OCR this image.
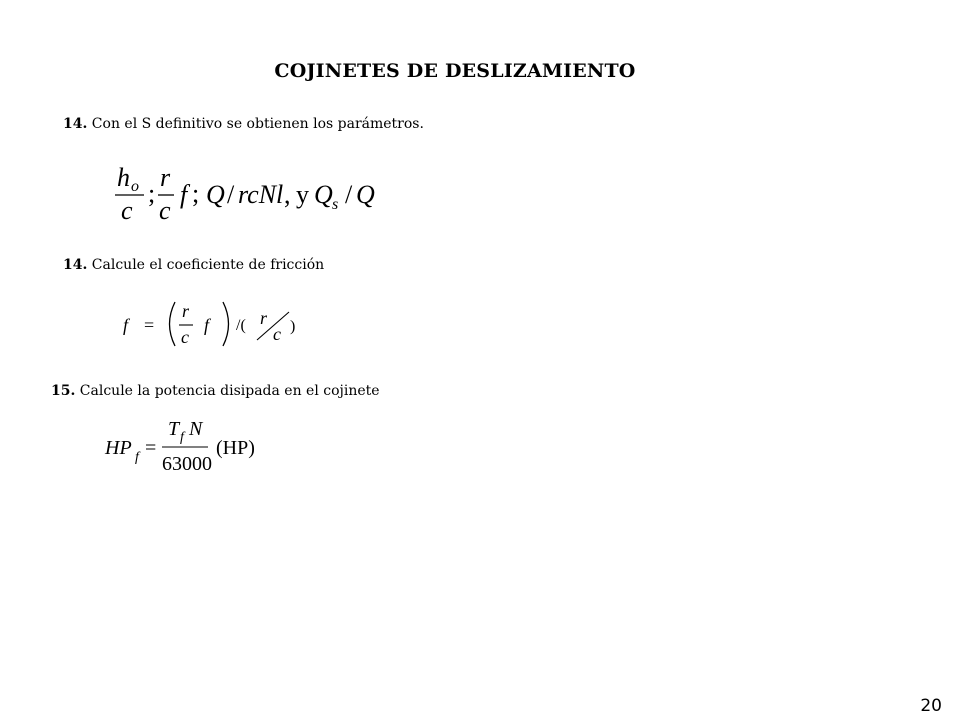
COJINETES DE DESLIZAMIENTO
14. Con el S definitivo se obtienen los parámetros.
h o
c
;
r
c
f ; Q / rcNl , y Q s / Q
14. Calcule el coeficiente de fricción
f =
r
c
f /( r
c )
15. Calcule la potencia disipada en el cojinete
HP f =
T f N
63000
(HP)
20
